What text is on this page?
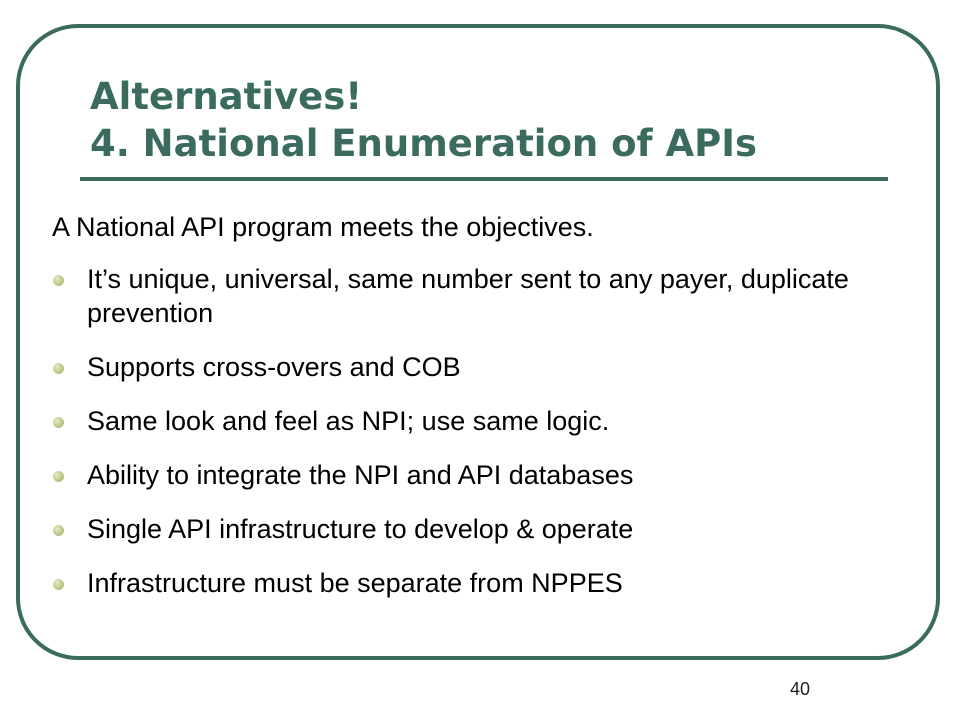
Alternatives!
4. National Enumeration of APIs

A National API program meets the objectives.

It’s unique, universal, same number sent to any payer, duplicate prevention
Supports cross-overs and COB
Same look and feel as NPI; use same logic.
Ability to integrate the NPI and API databases
Single API infrastructure to develop & operate
Infrastructure must be separate from NPPES
40
